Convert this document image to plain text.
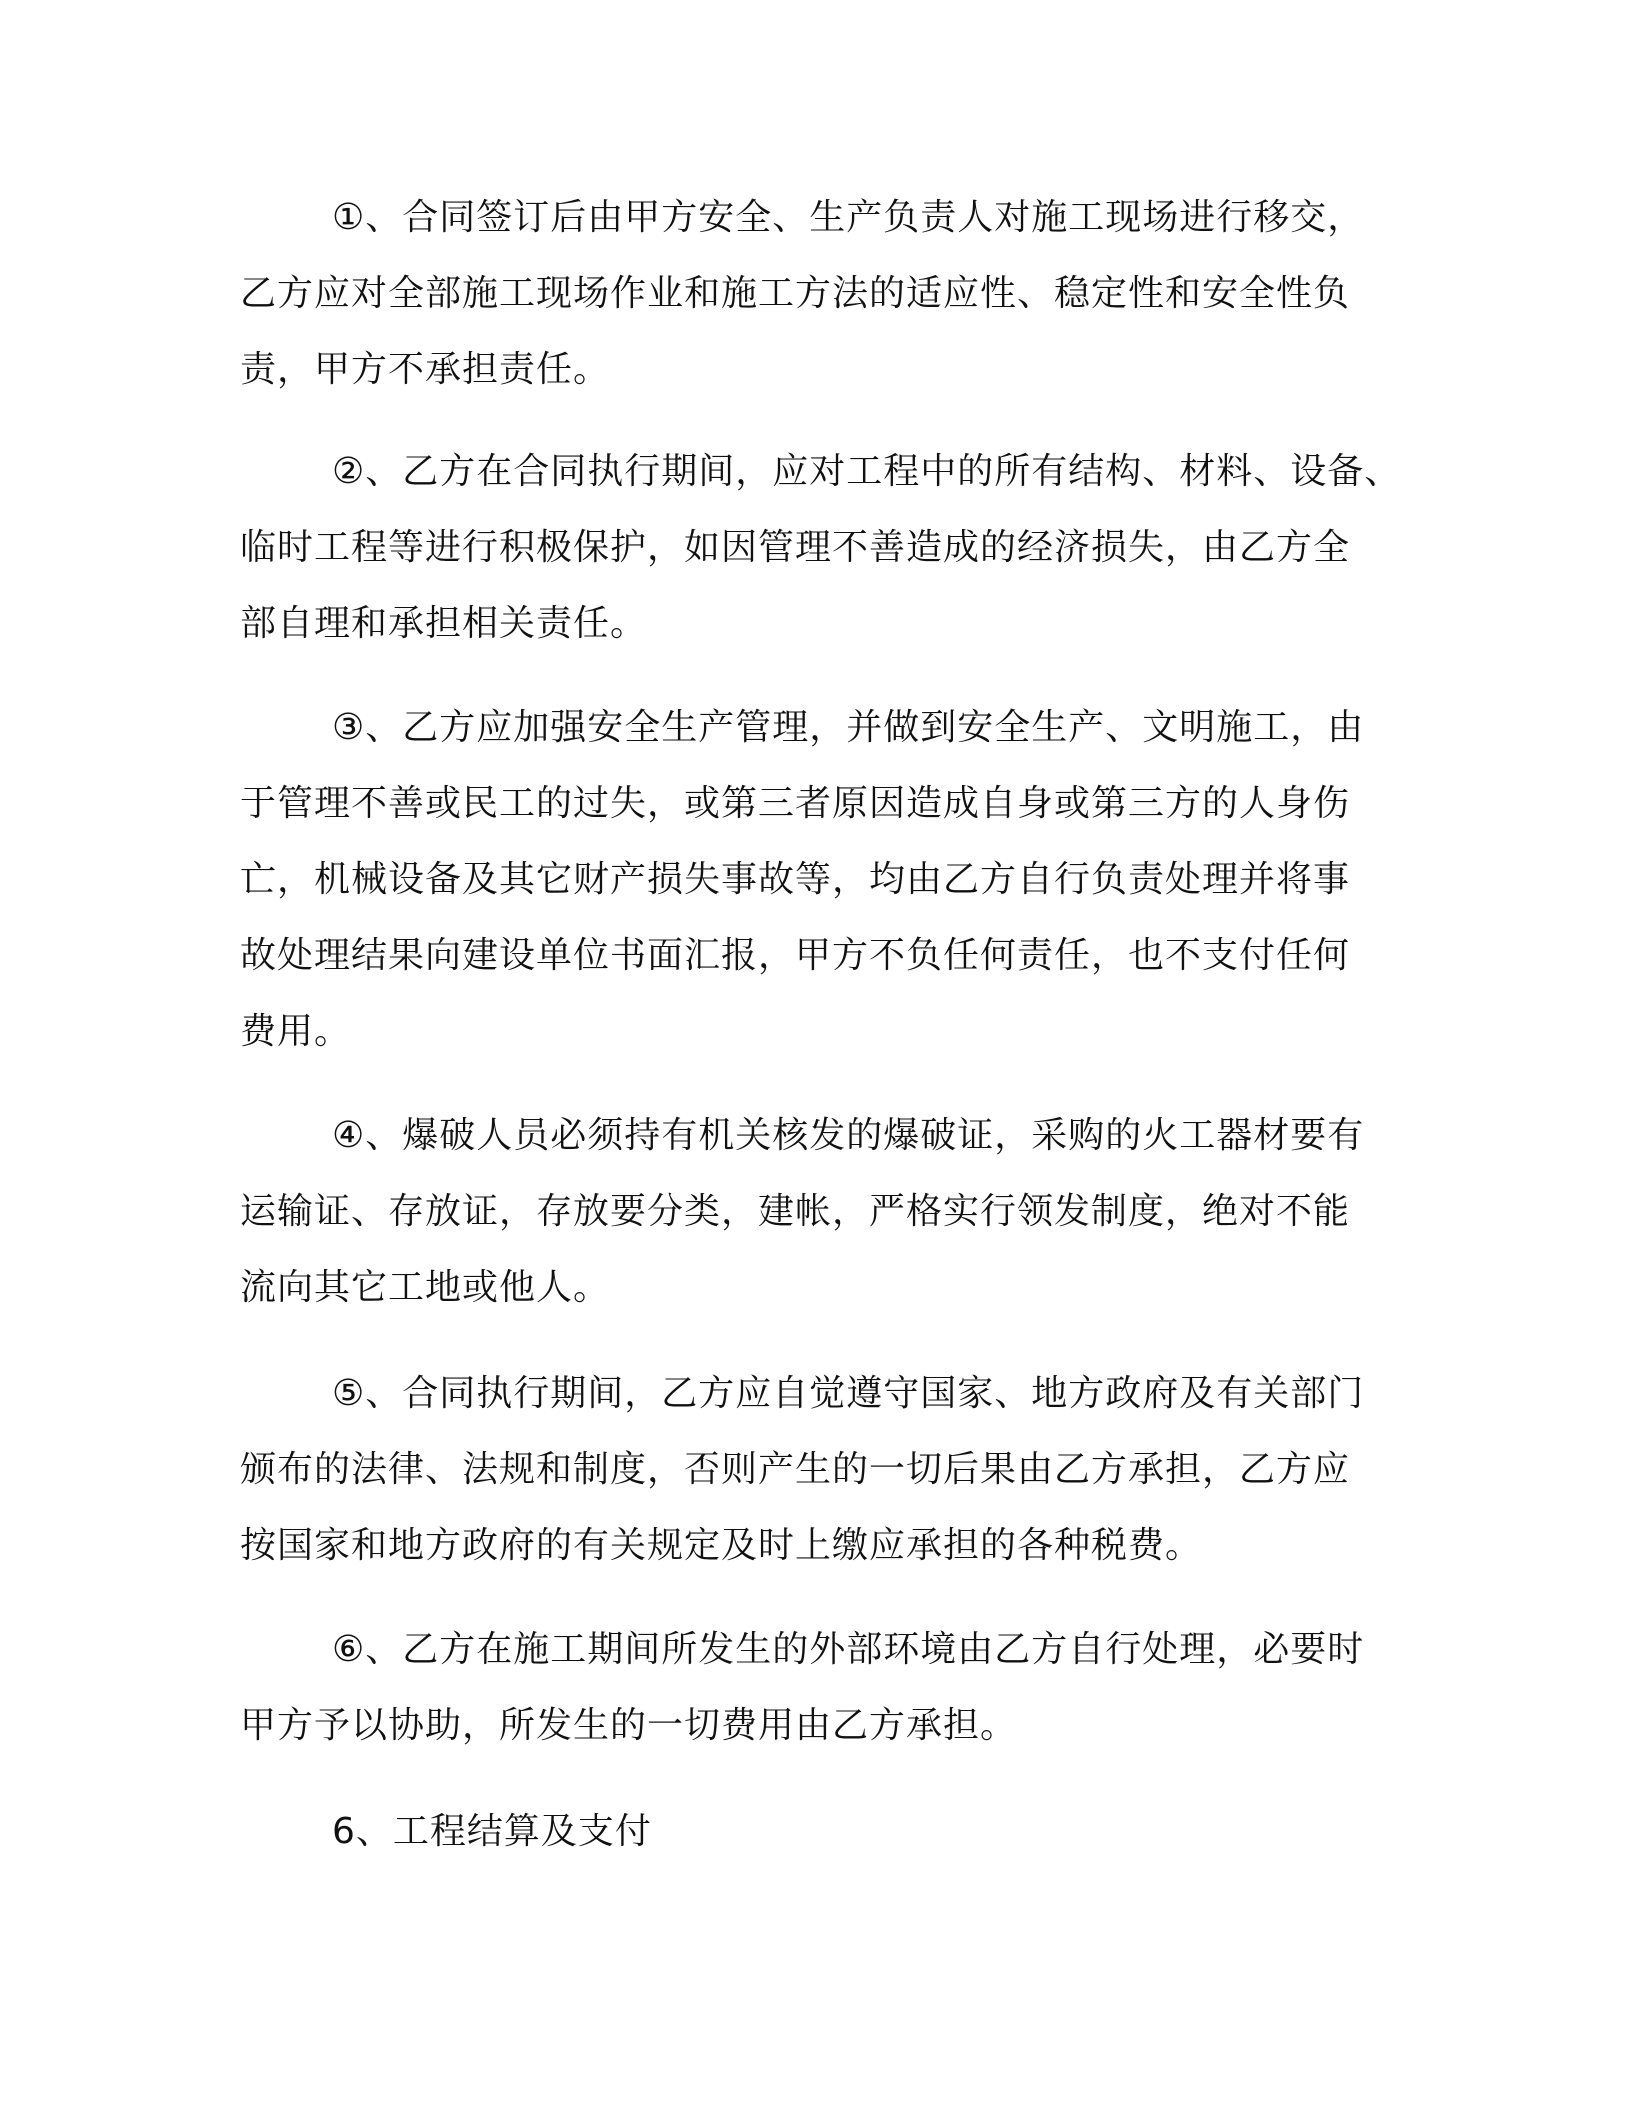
①、合同签订后由甲方安全、生产负责人对施工现场进行移交，
乙方应对全部施工现场作业和施工方法的适应性、稳定性和安全性负
责，甲方不承担责任。
②、乙方在合同执行期间，应对工程中的所有结构、材料、设备、
临时工程等进行积极保护，如因管理不善造成的经济损失，由乙方全
部自理和承担相关责任。
③、乙方应加强安全生产管理，并做到安全生产、文明施工，由
于管理不善或民工的过失，或第三者原因造成自身或第三方的人身伤
亡，机械设备及其它财产损失事故等，均由乙方自行负责处理并将事
故处理结果向建设单位书面汇报，甲方不负任何责任，也不支付任何
费用。
④、爆破人员必须持有机关核发的爆破证，采购的火工器材要有
运输证、存放证，存放要分类，建帐，严格实行领发制度，绝对不能
流向其它工地或他人。
⑤、合同执行期间，乙方应自觉遵守国家、地方政府及有关部门
颁布的法律、法规和制度，否则产生的一切后果由乙方承担，乙方应
按国家和地方政府的有关规定及时上缴应承担的各种税费。
⑥、乙方在施工期间所发生的外部环境由乙方自行处理，必要时
甲方予以协助，所发生的一切费用由乙方承担。
6、工程结算及支付
